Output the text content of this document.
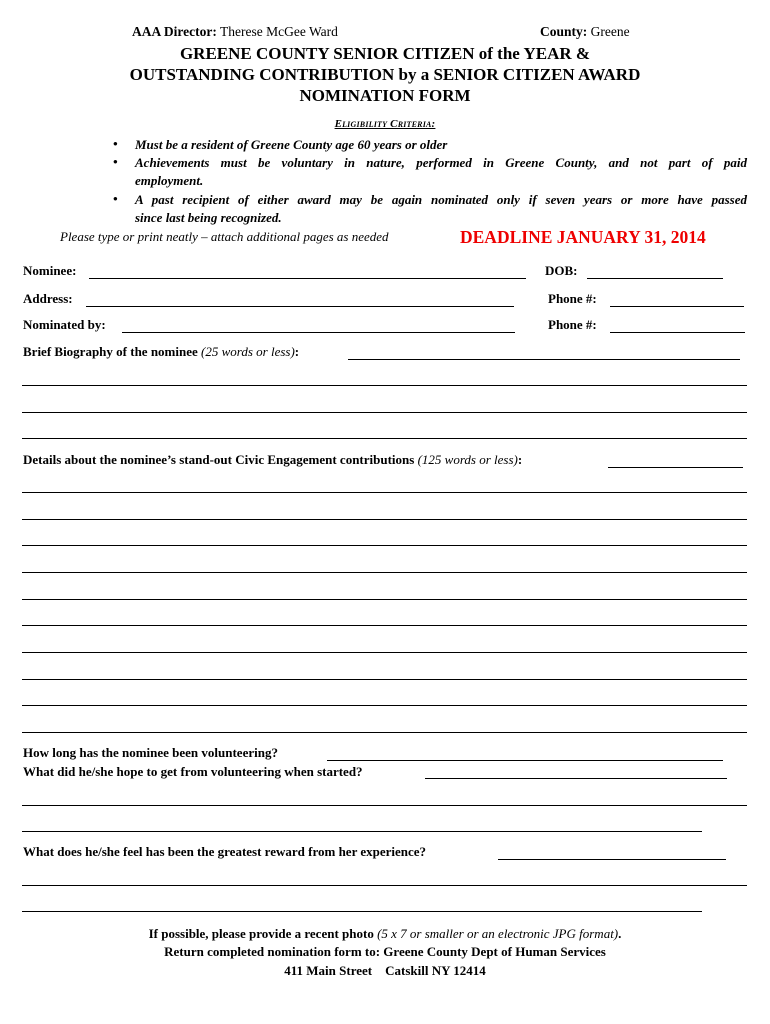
AAA Director: Therese McGee Ward	County: Greene
GREENE COUNTY SENIOR CITIZEN of the YEAR &
OUTSTANDING CONTRIBUTION by a SENIOR CITIZEN AWARD
NOMINATION FORM
Eligibility Criteria:
• Must be a resident of Greene County age 60 years or older
• Achievements must be voluntary in nature, performed in Greene County, and not part of paid
employment.
• A past recipient of either award may be again nominated only if seven years or more have passed
since last being recognized.
Please type or print neatly – attach additional pages as needed	DEADLINE JANUARY 31, 2014
Nominee:	DOB:
Address:	Phone #:
Nominated by:	Phone #:
Brief Biography of the nominee (25 words or less):
Details about the nominee’s stand-out Civic Engagement contributions (125 words or less):
How long has the nominee been volunteering?
What did he/she hope to get from volunteering when started?
What does he/she feel has been the greatest reward from her experience?
If possible, please provide a recent photo (5 x 7 or smaller or an electronic JPG format).
Return completed nomination form to: Greene County Dept of Human Services
411 Main Street Catskill NY 12414
